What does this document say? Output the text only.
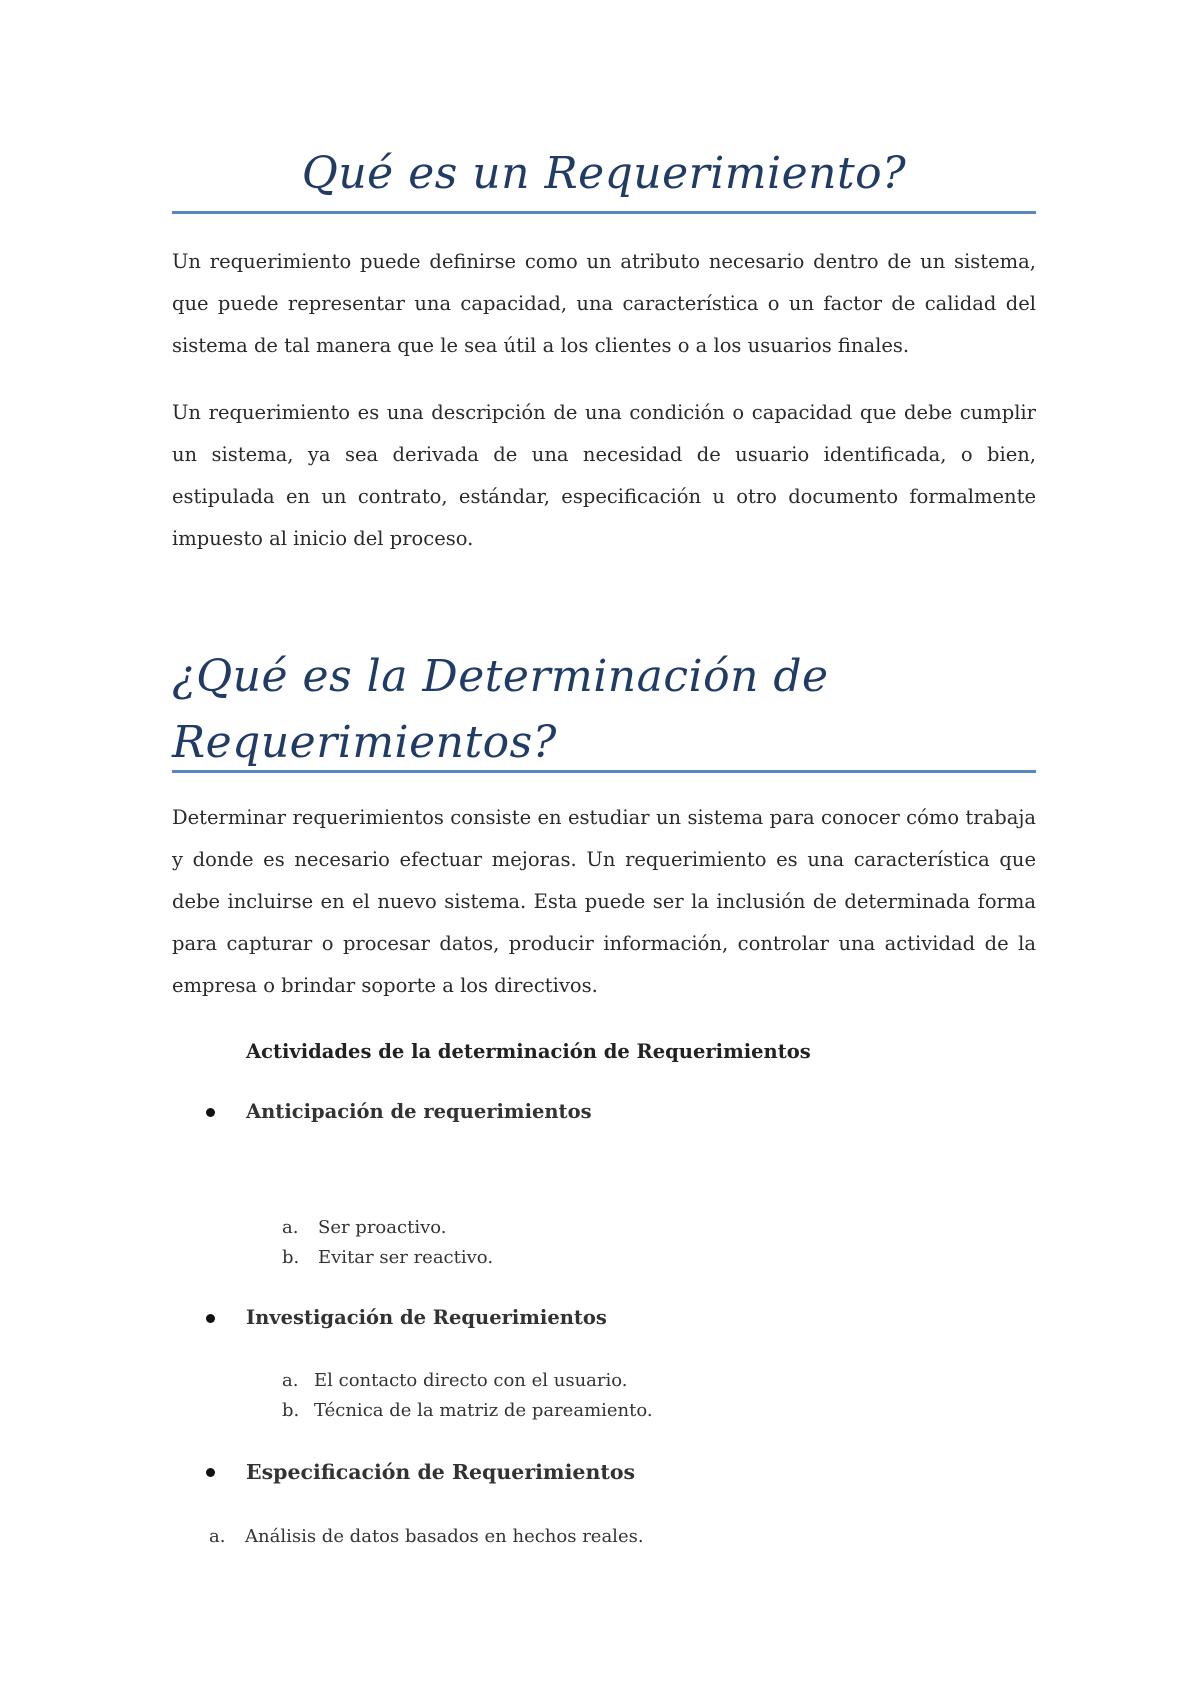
Qué es un Requerimiento?

Un requerimiento puede definirse como un atributo necesario dentro de un sistema, que puede representar una capacidad, una característica o un factor de calidad del sistema de tal manera que le sea útil a los clientes o a los usuarios finales.

Un requerimiento es una descripción de una condición o capacidad que debe cumplir un sistema, ya sea derivada de una necesidad de usuario identificada, o bien, estipulada en un contrato, estándar, especificación u otro documento formalmente impuesto al inicio del proceso.

¿Qué es la Determinación de Requerimientos?

Determinar requerimientos consiste en estudiar un sistema para conocer cómo trabaja y donde es necesario efectuar mejoras. Un requerimiento es una característica que debe incluirse en el nuevo sistema. Esta puede ser la inclusión de determinada forma para capturar o procesar datos, producir información, controlar una actividad de la empresa o brindar soporte a los directivos.

Actividades de la determinación de Requerimientos

Anticipación de requerimientos
a. Ser proactivo.
b. Evitar ser reactivo.
Investigación de Requerimientos
a. El contacto directo con el usuario.
b. Técnica de la matriz de pareamiento.
Especificación de Requerimientos
a. Análisis de datos basados en hechos reales.
